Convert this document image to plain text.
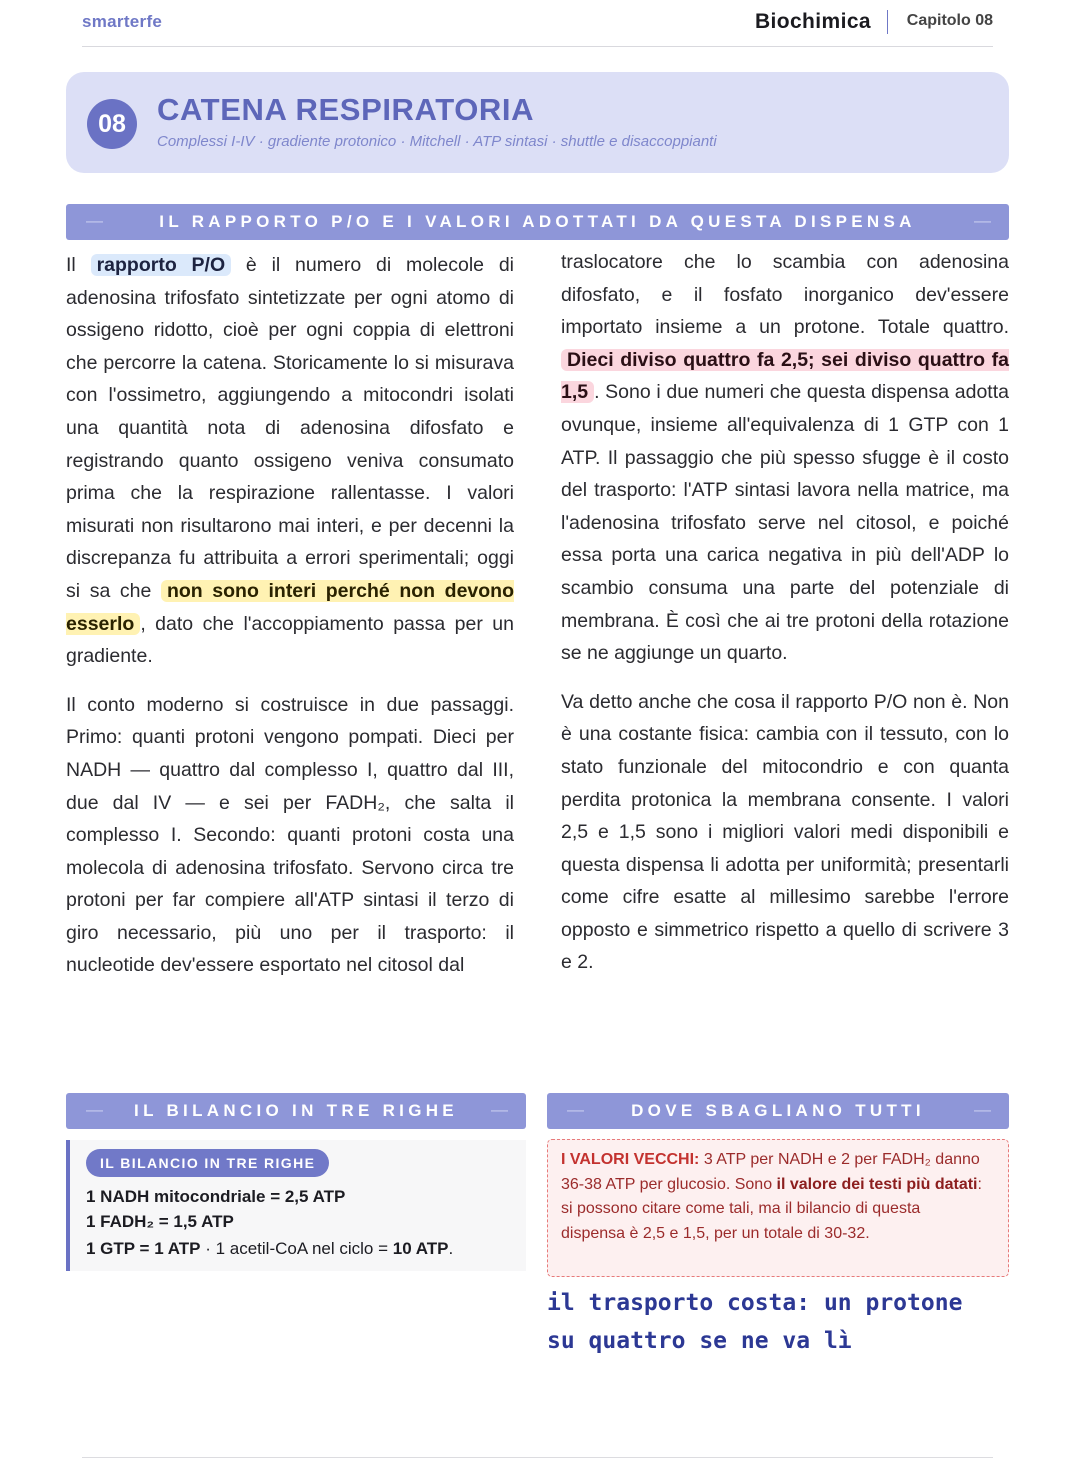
smarterfe	Biochimica Capitolo 08
08	CATENA RESPIRATORIA
Complessi I-IV · gradiente protonico · Mitchell · ATP sintasi · shuttle e disaccoppianti
—	IL RAPPORTO P/O E I VALORI ADOTTATI DA QUESTA DISPENSA	—

Il rapporto P/O è il numero di molecole di adenosina trifosfato sintetizzate per ogni atomo di ossigeno ridotto, cioè per ogni coppia di elettroni che percorre la catena. Storicamente lo si misurava con l'ossimetro, aggiungendo a mitocondri isolati una quantità nota di adenosina difosfato e registrando quanto ossigeno veniva consumato prima che la respirazione rallentasse. I valori misurati non risultarono mai interi, e per decenni la discrepanza fu attribuita a errori sperimentali; oggi si sa che non sono interi perché non devono esserlo , dato che l'accoppiamento passa per un gradiente.

Il conto moderno si costruisce in due passaggi. Primo: quanti protoni vengono pompati. Dieci per NADH — quattro dal complesso I, quattro dal III, due dal IV — e sei per FADH₂, che salta il complesso I. Secondo: quanti protoni costa una molecola di adenosina trifosfato. Servono circa tre protoni per far compiere all'ATP sintasi il terzo di giro necessario, più uno per il trasporto: il nucleotide dev'essere esportato nel citosol dal

traslocatore che lo scambia con adenosina difosfato, e il fosfato inorganico dev'essere importato insieme a un protone. Totale quattro. Dieci diviso quattro fa 2,5; sei diviso quattro fa 1,5 . Sono i due numeri che questa dispensa adotta ovunque, insieme all'equivalenza di 1 GTP con 1 ATP. Il passaggio che più spesso sfugge è il costo del trasporto: l'ATP sintasi lavora nella matrice, ma l'adenosina trifosfato serve nel citosol, e poiché essa porta una carica negativa in più dell'ADP lo scambio consuma una parte del potenziale di membrana. È così che ai tre protoni della rotazione se ne aggiunge un quarto.

Va detto anche che cosa il rapporto P/O non è. Non è una costante fisica: cambia con il tessuto, con lo stato funzionale del mitocondrio e con quanta perdita protonica la membrana consente. I valori 2,5 e 1,5 sono i migliori valori medi disponibili e questa dispensa li adotta per uniformità; presentarli come cifre esatte al millesimo sarebbe l'errore opposto e simmetrico rispetto a quello di scrivere 3 e 2.

— IL BILANCIO IN TRE RIGHE —	—	DOVE SBAGLIANO TUTTI	—
IL BILANCIO IN TRE RIGHE
1 NADH mitocondriale = 2,5 ATP
1 FADH₂ = 1,5 ATP
1 GTP = 1 ATP · 1 acetil-CoA nel ciclo = 10 ATP.
I VALORI VECCHI: 3 ATP per NADH e 2 per FADH₂ danno 36-38 ATP per glucosio. Sono il valore dei testi più datati: si possono citare come tali, ma il bilancio di questa dispensa è 2,5 e 1,5, per un totale di 30-32.
il trasporto costa: un protone su quattro se ne va lì
